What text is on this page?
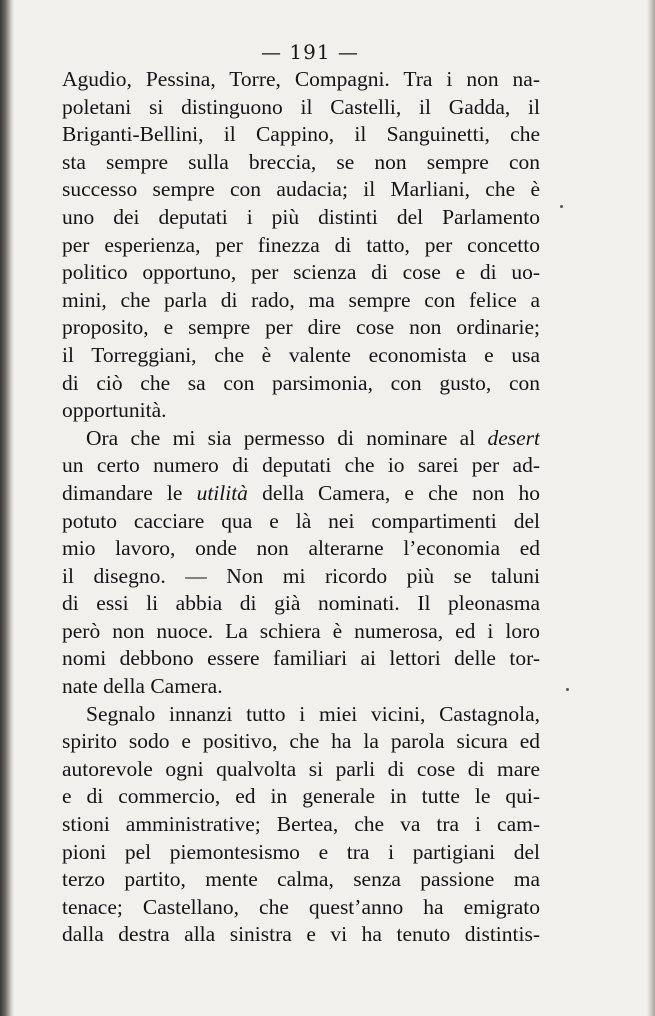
— 191 —
Agudio, Pessina, Torre, Compagni. Tra i non na-
poletani si distinguono il Castelli, il Gadda, il
Briganti-Bellini, il Cappino, il Sanguinetti, che
sta sempre sulla breccia, se non sempre con
successo sempre con audacia; il Marliani, che è
uno dei deputati i più distinti del Parlamento
per esperienza, per finezza di tatto, per concetto
politico opportuno, per scienza di cose e di uo-
mini, che parla di rado, ma sempre con felice a
proposito, e sempre per dire cose non ordinarie;
il Torreggiani, che è valente economista e usa
di ciò che sa con parsimonia, con gusto, con
opportunità.
Ora che mi sia permesso di nominare al desert
un certo numero di deputati che io sarei per ad-
dimandare le utilità della Camera, e che non ho
potuto cacciare qua e là nei compartimenti del
mio lavoro, onde non alterarne l’economia ed
il disegno. — Non mi ricordo più se taluni
di essi li abbia di già nominati. Il pleonasma
però non nuoce. La schiera è numerosa, ed i loro
nomi debbono essere familiari ai lettori delle tor-
nate della Camera.
Segnalo innanzi tutto i miei vicini, Castagnola,
spirito sodo e positivo, che ha la parola sicura ed
autorevole ogni qualvolta si parli di cose di mare
e di commercio, ed in generale in tutte le qui-
stioni amministrative; Bertea, che va tra i cam-
pioni pel piemontesismo e tra i partigiani del
terzo partito, mente calma, senza passione ma
tenace; Castellano, che quest’anno ha emigrato
dalla destra alla sinistra e vi ha tenuto distintis-
